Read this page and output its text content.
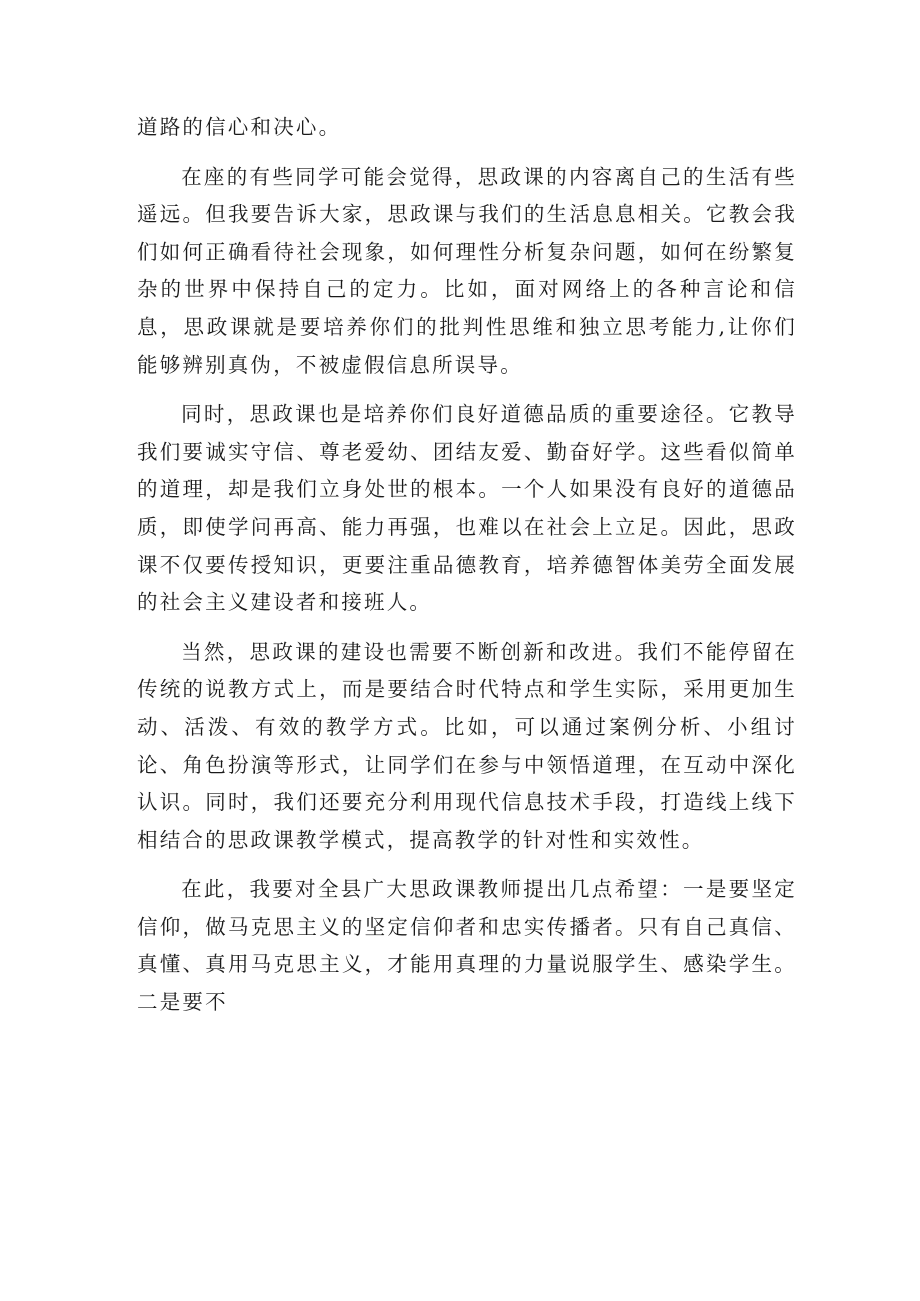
道路的信心和决心。

在座的有些同学可能会觉得，思政课的内容离自己的生活有些遥远。但我要告诉大家，思政课与我们的生活息息相关。它教会我们如何正确看待社会现象，如何理性分析复杂问题，如何在纷繁复杂的世界中保持自己的定力。比如，面对网络上的各种言论和信息，思政课就是要培养你们的批判性思维和独立思考能力,让你们能够辨别真伪，不被虚假信息所误导。

同时，思政课也是培养你们良好道德品质的重要途径。它教导我们要诚实守信、尊老爱幼、团结友爱、勤奋好学。这些看似简单的道理，却是我们立身处世的根本。一个人如果没有良好的道德品质，即使学问再高、能力再强，也难以在社会上立足。因此，思政课不仅要传授知识，更要注重品德教育，培养德智体美劳全面发展的社会主义建设者和接班人。

当然，思政课的建设也需要不断创新和改进。我们不能停留在传统的说教方式上，而是要结合时代特点和学生实际，采用更加生动、活泼、有效的教学方式。比如，可以通过案例分析、小组讨论、角色扮演等形式，让同学们在参与中领悟道理，在互动中深化认识。同时，我们还要充分利用现代信息技术手段，打造线上线下相结合的思政课教学模式，提高教学的针对性和实效性。

在此，我要对全县广大思政课教师提出几点希望：一是要坚定信仰，做马克思主义的坚定信仰者和忠实传播者。只有自己真信、真懂、真用马克思主义，才能用真理的力量说服学生、感染学生。二是要不
